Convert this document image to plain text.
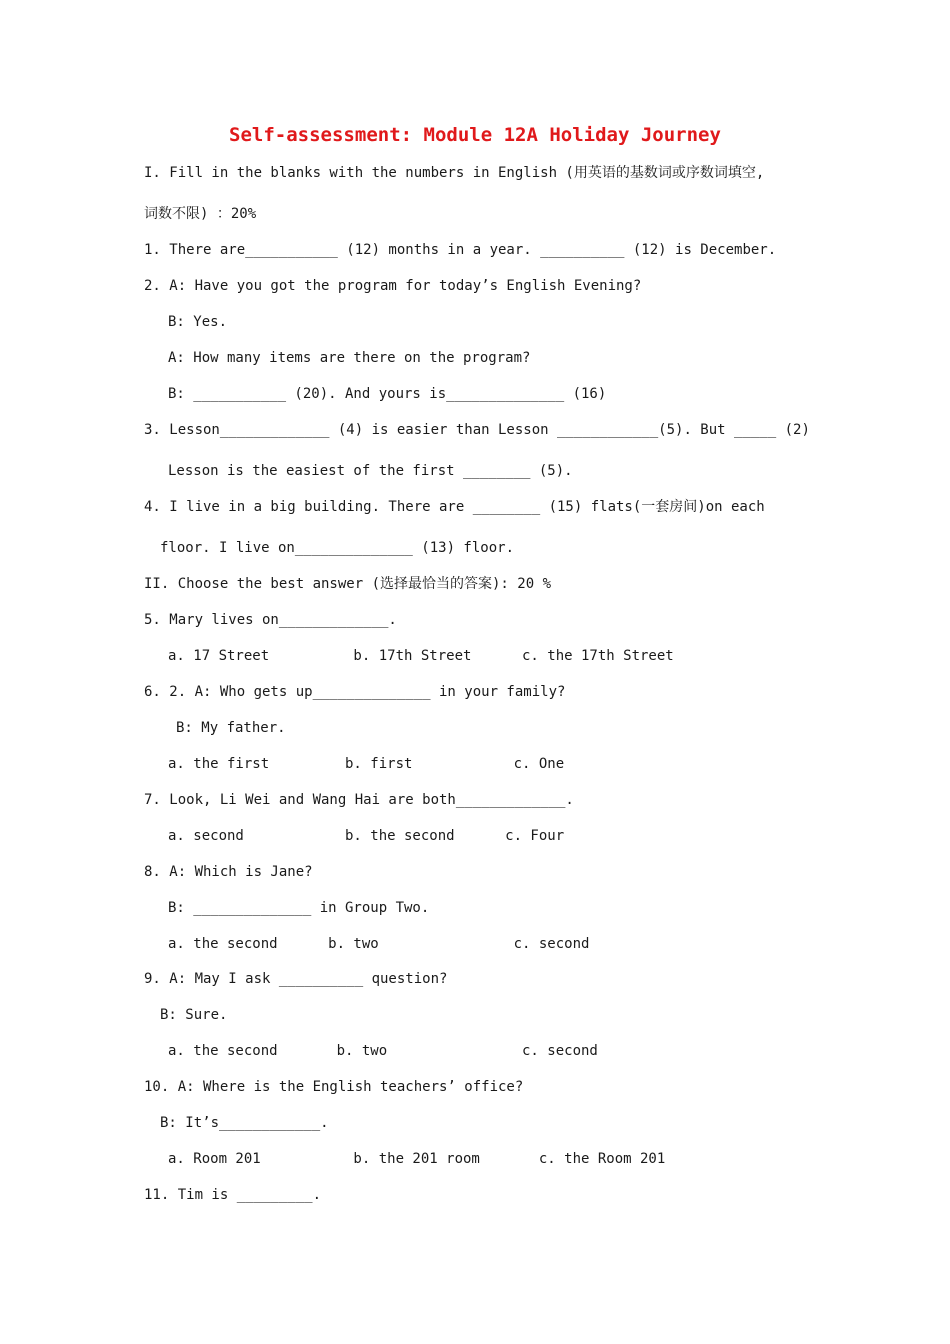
Self-assessment: Module 12A Holiday Journey
I. Fill in the blanks with the numbers in English (用英语的基数词或序数词填空,
词数不限) ：20%
1. There are___________ (12) months in a year. __________ (12) is December.
2. A: Have you got the program for today’s English Evening?
B: Yes.
A: How many items are there on the program?
B: ___________ (20). And yours is______________ (16)
3. Lesson_____________ (4) is easier than Lesson ____________(5). But _____ (2)
Lesson is the easiest of the first ________ (5).
4. I live in a big building. There are ________ (15) flats(一套房间)on each
floor. I live on______________ (13) floor.
II. Choose the best answer (选择最恰当的答案): 20 %
5. Mary lives on_____________.
a. 17 Street          b. 17th Street      c. the 17th Street
6. 2. A: Who gets up______________ in your family?
B: My father.
a. the first         b. first            c. One
7. Look, Li Wei and Wang Hai are both_____________.
a. second            b. the second      c. Four
8. A: Which is Jane?
B: ______________ in Group Two.
a. the second      b. two                c. second
9. A: May I ask __________ question?
B: Sure.
a. the second       b. two                c. second
10. A: Where is the English teachers’ office?
B: It’s____________.
a. Room 201           b. the 201 room       c. the Room 201
11. Tim is _________.
